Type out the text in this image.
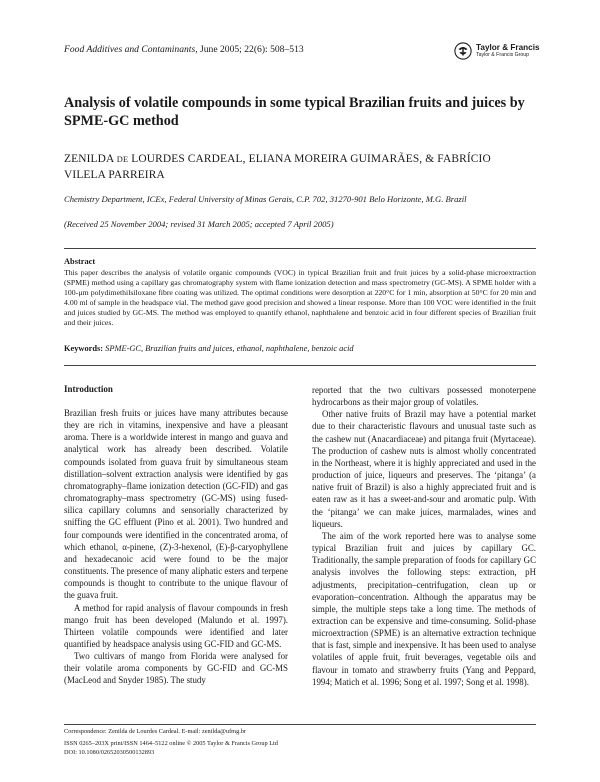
Food Additives and Contaminants, June 2005; 22(6): 508–513	Taylor & Francis
Taylor & Francis Group
Analysis of volatile compounds in some typical Brazilian fruits and juices by SPME-GC method
ZENILDA DE LOURDES CARDEAL, ELIANA MOREIRA GUIMARÃES, & FABRÍCIO VILELA PARREIRA
Chemistry Department, ICEx, Federal University of Minas Gerais, C.P. 702, 31270-901 Belo Horizonte, M.G. Brazil
(Received 25 November 2004; revised 31 March 2005; accepted 7 April 2005)
Abstract
This paper describes the analysis of volatile organic compounds (VOC) in typical Brazilian fruit and fruit juices by a solid-phase microextraction (SPME) method using a capillary gas chromatography system with flame ionization detection and mass spectrometry (GC-MS). A SPME holder with a 100-µm polydimethilsiloxane fibre coating was utilized. The optimal conditions were desorption at 220°C for 1 min, absorption at 50°C for 20 min and 4.00 ml of sample in the headspace vial. The method gave good precision and showed a linear response. More than 100 VOC were identified in the fruit and juices studied by GC-MS. The method was employed to quantify ethanol, naphthalene and benzoic acid in four different species of Brazilian fruit and their juices.
Keywords: SPME-GC, Brazilian fruits and juices, ethanol, naphthalene, benzoic acid
Introduction

Brazilian fresh fruits or juices have many attributes because they are rich in vitamins, inexpensive and have a pleasant aroma. There is a worldwide interest in mango and guava and analytical work has already been described. Volatile compounds isolated from guava fruit by simultaneous steam distillation–solvent extraction analysis were identified by gas chromatography–flame ionization detection (GC-FID) and gas chromatography–mass spectrometry (GC-MS) using fused-silica capillary columns and sensorially characterized by sniffing the GC effluent (Pino et al. 2001). Two hundred and four compounds were identified in the concentrated aroma, of which ethanol, α-pinene, (Z)-3-hexenol, (E)-β-caryophyllene and hexadecanoic acid were found to be the major constituents. The presence of many aliphatic esters and terpene compounds is thought to contribute to the unique flavour of the guava fruit.

A method for rapid analysis of flavour compounds in fresh mango fruit has been developed (Malundo et al. 1997). Thirteen volatile compounds were identified and later quantified by headspace analysis using GC-FID and GC-MS.

Two cultivars of mango from Florida were analysed for their volatile aroma components by GC-FID and GC-MS (MacLeod and Snyder 1985). The study

reported that the two cultivars possessed monoterpene hydrocarbons as their major group of volatiles.

Other native fruits of Brazil may have a potential market due to their characteristic flavours and unusual taste such as the cashew nut (Anacardiaceae) and pitanga fruit (Myrtaceae). The production of cashew nuts is almost wholly concentrated in the Northeast, where it is highly appreciated and used in the production of juice, liqueurs and preserves. The ‘pitanga’ (a native fruit of Brazil) is also a highly appreciated fruit and is eaten raw as it has a sweet-and-sour and aromatic pulp. With the ‘pitanga’ we can make juices, marmalades, wines and liqueurs.

The aim of the work reported here was to analyse some typical Brazilian fruit and juices by capillary GC. Traditionally, the sample preparation of foods for capillary GC analysis involves the following steps: extraction, pH adjustments, precipitation–centrifugation, clean up or evaporation–concentration. Although the apparatus may be simple, the multiple steps take a long time. The methods of extraction can be expensive and time-consuming. Solid-phase microextraction (SPME) is an alternative extraction technique that is fast, simple and inexpensive. It has been used to analyse volatiles of apple fruit, fruit beverages, vegetable oils and flavour in tomato and strawberry fruits (Yang and Peppard, 1994; Matich et al. 1996; Song et al. 1997; Song et al. 1998).

Correspondence: Zenilda de Lourdes Cardeal. E-mail: zenilda@ufmg.br
ISSN 0265–203X print/ISSN 1464–5122 online © 2005 Taylor & Francis Group Ltd
DOI: 10.1080/02652030500132893
